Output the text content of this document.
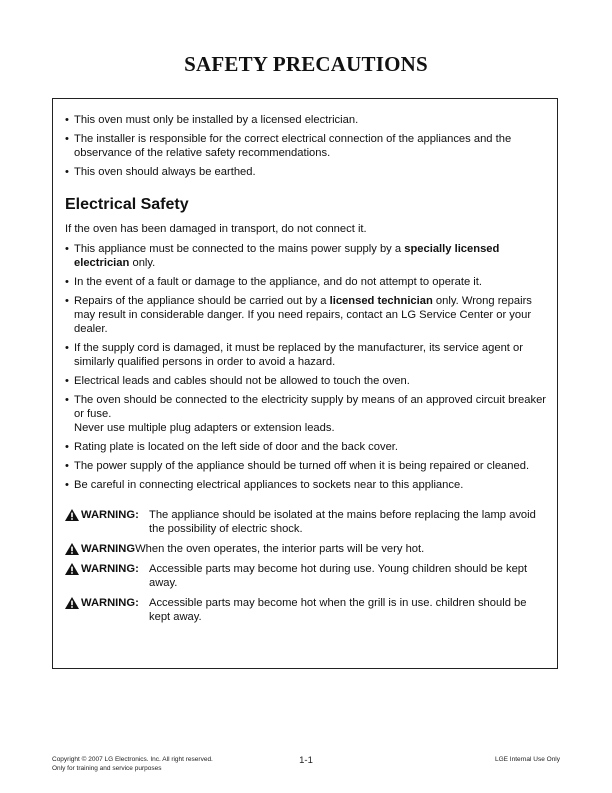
SAFETY PRECAUTIONS
• This oven must only be installed by a licensed electrician.
• The installer is responsible for the correct electrical connection of the appliances and the observance of the relative safety recommendations.
• This oven should always be earthed.
Electrical Safety
If the oven has been damaged in transport, do not connect it.
• This appliance must be connected to the mains power supply by a specially licensed electrician only.
• In the event of a fault or damage to the appliance, and do not attempt to operate it.
• Repairs of the appliance should be carried out by a licensed technician only. Wrong repairs may result in considerable danger. If you need repairs, contact an LG Service Center or your dealer.
• If the supply cord is damaged, it must be replaced by the manufacturer, its service agent or similarly qualified persons in order to avoid a hazard.
• Electrical leads and cables should not be allowed to touch the oven.
• The oven should be connected to the electricity supply by means of an approved circuit breaker or fuse.
Never use multiple plug adapters or extension leads.
• Rating plate is located on the left side of door and the back cover.
• The power supply of the appliance should be turned off when it is being repaired or cleaned.
• Be careful in connecting electrical appliances to sockets near to this appliance.
WARNING: The appliance should be isolated at the mains before replacing the lamp avoid the possibility of electric shock.
WARNINGWhen the oven operates, the interior parts will be very hot.
WARNING: Accessible parts may become hot during use. Young children should be kept away.
WARNING: Accessible parts may become hot when the grill is in use. children should be kept away.
Copyright © 2007 LG Electronics. Inc. All right reserved.
Only for training and service purposes
1-1	LGE Internal Use Only
